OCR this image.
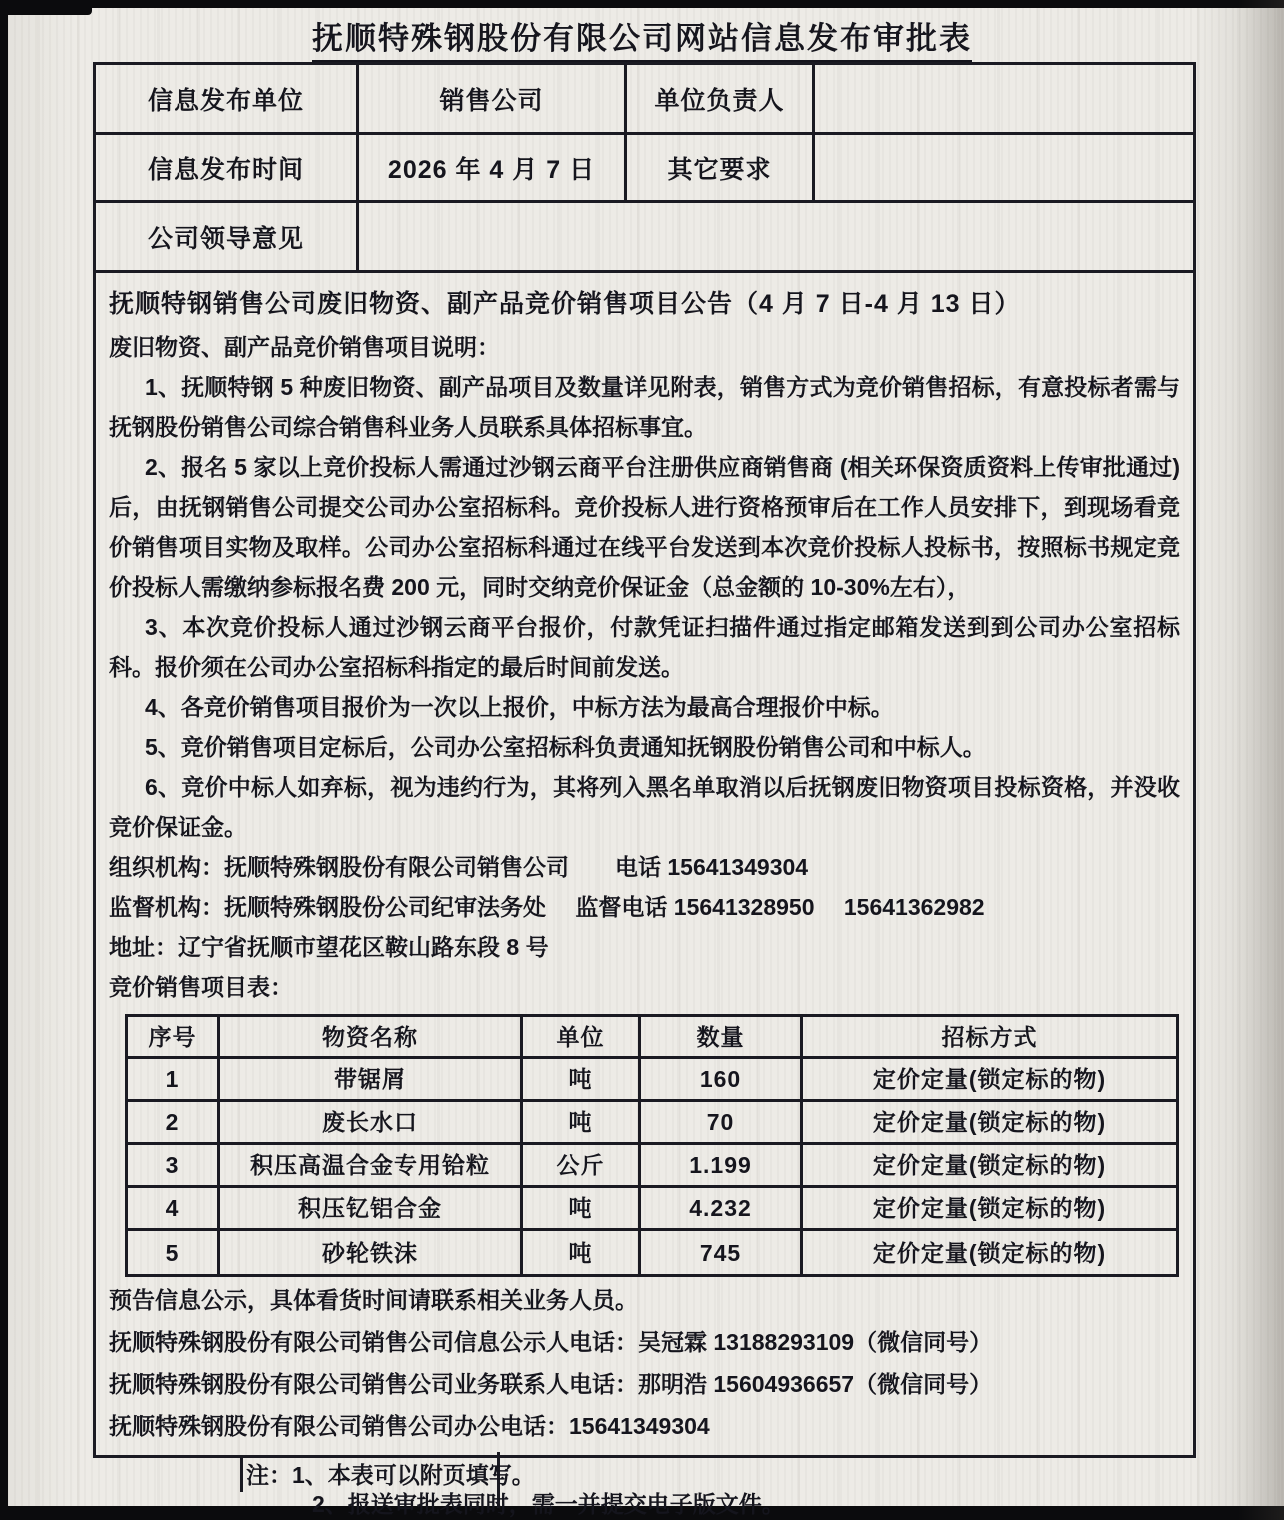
抚顺特殊钢股份有限公司网站信息发布审批表
信息发布单位	销售公司	单位负责人
信息发布时间	2026 年 4 月 7 日	其它要求
公司领导意见

抚顺特钢销售公司废旧物资、副产品竞价销售项目公告（4 月 7 日-4 月 13 日）

废旧物资、副产品竞价销售项目说明：

1、抚顺特钢 5 种废旧物资、副产品项目及数量详见附表，销售方式为竞价销售招标，有意投标者需与抚钢股份销售公司综合销售科业务人员联系具体招标事宜。

2、报名 5 家以上竞价投标人需通过沙钢云商平台注册供应商销售商 (相关环保资质资料上传审批通过) 后，由抚钢销售公司提交公司办公室招标科。竞价投标人进行资格预审后在工作人员安排下，到现场看竞价销售项目实物及取样。公司办公室招标科通过在线平台发送到本次竞价投标人投标书，按照标书规定竞价投标人需缴纳参标报名费 200 元，同时交纳竞价保证金（总金额的 10-30%左右），

3、本次竞价投标人通过沙钢云商平台报价，付款凭证扫描件通过指定邮箱发送到到公司办公室招标科。报价须在公司办公室招标科指定的最后时间前发送。

4、各竞价销售项目报价为一次以上报价，中标方法为最高合理报价中标。

5、竞价销售项目定标后，公司办公室招标科负责通知抚钢股份销售公司和中标人。

6、竞价中标人如弃标，视为违约行为，其将列入黑名单取消以后抚钢废旧物资项目投标资格，并没收竞价保证金。

组织机构：抚顺特殊钢股份有限公司销售公司　　电话 15641349304

监督机构：抚顺特殊钢股份公司纪审法务处　 监督电话 15641328950　 15641362982

地址：辽宁省抚顺市望花区鞍山路东段 8 号

竞价销售项目表：

序号	物资名称	单位	数量	招标方式
1	带锯屑	吨	160	定价定量(锁定标的物)
2	废长水口	吨	70	定价定量(锁定标的物)
3	积压高温合金专用铪粒	公斤	1.199	定价定量(锁定标的物)
4	积压钇铝合金	吨	4.232	定价定量(锁定标的物)
5	砂轮铁沫	吨	745	定价定量(锁定标的物)

预告信息公示，具体看货时间请联系相关业务人员。

抚顺特殊钢股份有限公司销售公司信息公示人电话：吴冠霖 13188293109（微信同号）

抚顺特殊钢股份有限公司销售公司业务联系人电话：那明浩 15604936657（微信同号）

抚顺特殊钢股份有限公司销售公司办公电话：15641349304

注：1、本表可以附页填写。
2、报送审批表同时，需一并提交电子版文件。
